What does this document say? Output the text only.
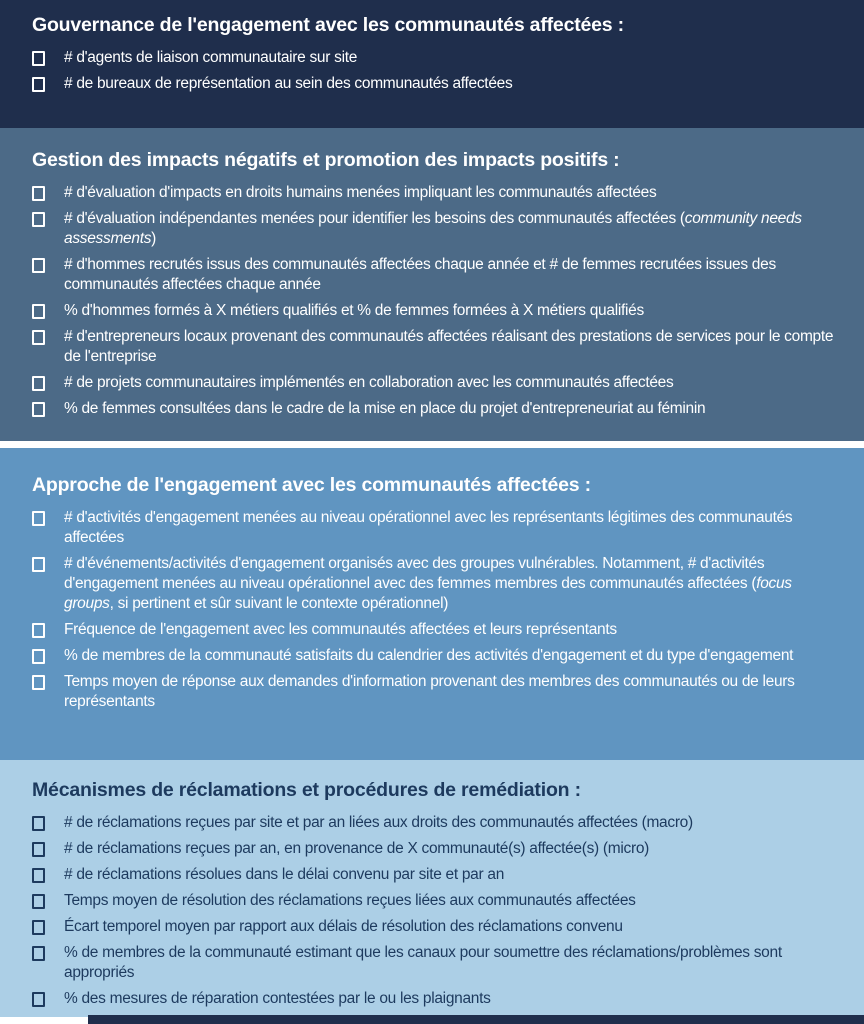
Gouvernance de l'engagement avec les communautés affectées :
# d'agents de liaison communautaire sur site
# de bureaux de représentation au sein des communautés affectées
Gestion des impacts négatifs et promotion des impacts positifs :
# d'évaluation d'impacts en droits humains menées impliquant les communautés affectées
# d'évaluation indépendantes menées pour identifier les besoins des communautés affectées (community needs assessments)
# d'hommes recrutés issus des communautés affectées chaque année et # de femmes recrutées issues des communautés affectées chaque année
% d'hommes formés à X métiers qualifiés et % de femmes formées à X métiers qualifiés
# d'entrepreneurs locaux provenant des communautés affectées réalisant des prestations de services pour le compte de l'entreprise
# de projets communautaires implémentés en collaboration avec les communautés affectées
% de femmes consultées dans le cadre de la mise en place du projet d'entrepreneuriat au féminin
Approche de l'engagement avec les communautés affectées :
# d'activités d'engagement menées au niveau opérationnel avec les représentants légitimes des communautés affectées
# d'événements/activités d'engagement organisés avec des groupes vulnérables. Notamment, # d'activités d'engagement menées au niveau opérationnel avec des femmes membres des communautés affectées (focus groups, si pertinent et sûr suivant le contexte opérationnel)
Fréquence de l'engagement avec les communautés affectées et leurs représentants
% de membres de la communauté satisfaits du calendrier des activités d'engagement et du type d'engagement
Temps moyen de réponse aux demandes d'information provenant des membres des communautés ou de leurs représentants
Mécanismes de réclamations et procédures de remédiation :
# de réclamations reçues par site et par an liées aux droits des communautés affectées (macro)
# de réclamations reçues par an, en provenance de X communauté(s) affectée(s) (micro)
# de réclamations résolues dans le délai convenu par site et par an
Temps moyen de résolution des réclamations reçues liées aux communautés affectées
Écart temporel moyen par rapport aux délais de résolution des réclamations convenu
% de membres de la communauté estimant que les canaux pour soumettre des réclamations/problèmes sont appropriés
% des mesures de réparation contestées par le ou les plaignants
